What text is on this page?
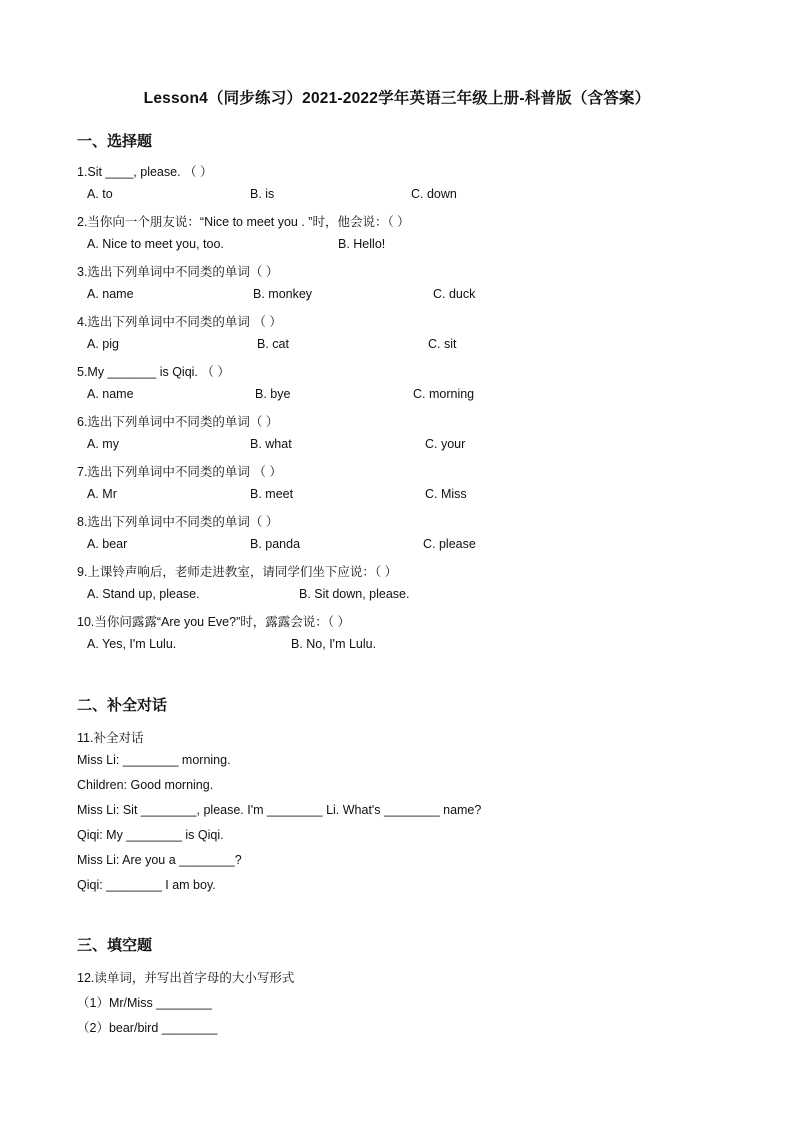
Lesson4（同步练习）2021-2022学年英语三年级上册-科普版（含答案）
一、选择题
1.Sit ____, please. （ ）
A. to	B. is	C. down
2.当你向一个朋友说：“Nice to meet you . ”时，他会说：（ ）
A. Nice to meet you, too.	B. Hello!
3.选出下列单词中不同类的单词（ ）
A. name	B. monkey	C. duck
4.选出下列单词中不同类的单词 （ ）
A. pig	B. cat	C. sit
5.My _______ is Qiqi. （ ）
A. name	B. bye	C. morning
6.选出下列单词中不同类的单词（ ）
A. my	B. what	C. your
7.选出下列单词中不同类的单词 （ ）
A. Mr	B. meet	C. Miss
8.选出下列单词中不同类的单词（ ）
A. bear	B. panda	C. please
9.上课铃声响后，老师走进教室，请同学们坐下应说：（ ）
A. Stand up, please.	B. Sit down, please.
10.当你问露露“Are you Eve?”时，露露会说：（ ）
A. Yes, I'm Lulu.	B. No, I'm Lulu.
二、补全对话
11.补全对话
Miss Li: ________ morning.
Children: Good morning.
Miss Li: Sit ________, please. I'm ________ Li. What's ________ name?
Qiqi: My ________ is Qiqi.
Miss Li: Are you a ________?
Qiqi: ________ I am boy.
三、填空题
12.读单词，并写出首字母的大小写形式
（1）Mr/Miss ________
（2）bear/bird ________
